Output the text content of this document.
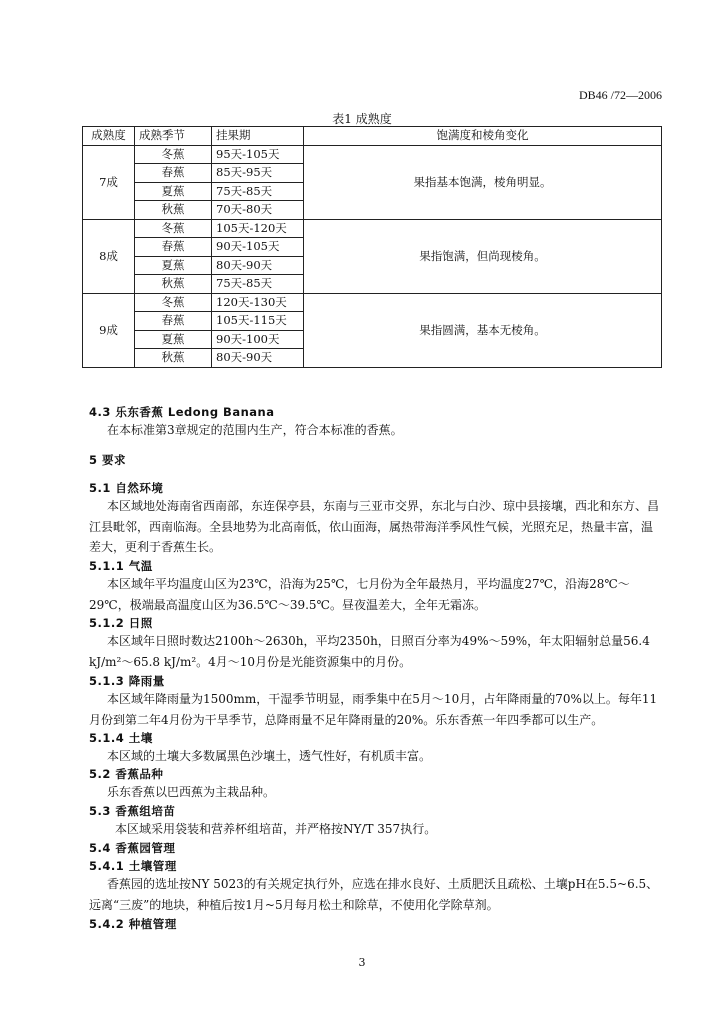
DB46 /72—2006
表1 成熟度
成熟度	成熟季节	挂果期	饱满度和棱角变化
7成	冬蕉	95天-105天	果指基本饱满，棱角明显。
	春蕉	85天-95天	
	夏蕉	75天-85天	
	秋蕉	70天-80天	
8成	冬蕉	105天-120天	果指饱满，但尚现棱角。
	春蕉	90天-105天	
	夏蕉	80天-90天	
	秋蕉	75天-85天	
9成	冬蕉	120天-130天	果指圆满，基本无棱角。
	春蕉	105天-115天	
	夏蕉	90天-100天	
	秋蕉	80天-90天	
4.3 乐东香蕉 Ledong Banana
在本标准第3章规定的范围内生产，符合本标准的香蕉。
5 要求
5.1 自然环境
本区域地处海南省西南部，东连保亭县，东南与三亚市交界，东北与白沙、琼中县接壤，西北和东方、昌江县毗邻，西南临海。全县地势为北高南低，依山面海，属热带海洋季风性气候，光照充足，热量丰富，温差大，更利于香蕉生长。
5.1.1 气温
本区域年平均温度山区为23℃，沿海为25℃，七月份为全年最热月，平均温度27℃，沿海28℃～29℃，极端最高温度山区为36.5℃～39.5℃。昼夜温差大，全年无霜冻。
5.1.2 日照
本区域年日照时数达2100h～2630h，平均2350h，日照百分率为49%～59%，年太阳辐射总量56.4 kJ/m²～65.8 kJ/m²。4月～10月份是光能资源集中的月份。
5.1.3 降雨量
本区域年降雨量为1500mm，干湿季节明显，雨季集中在5月～10月，占年降雨量的70%以上。每年11月份到第二年4月份为干旱季节，总降雨量不足年降雨量的20%。乐东香蕉一年四季都可以生产。
5.1.4 土壤
本区域的土壤大多数属黑色沙壤土，透气性好，有机质丰富。
5.2 香蕉品种
乐东香蕉以巴西蕉为主栽品种。
5.3 香蕉组培苗
本区域采用袋装和营养杯组培苗，并严格按NY/T 357执行。
5.4 香蕉园管理
5.4.1 土壤管理
香蕉园的选址按NY 5023的有关规定执行外，应选在排水良好、土质肥沃且疏松、土壤pH在5.5~6.5、远离“三废”的地块，种植后按1月~5月每月松土和除草，不使用化学除草剂。
5.4.2 种植管理
3
